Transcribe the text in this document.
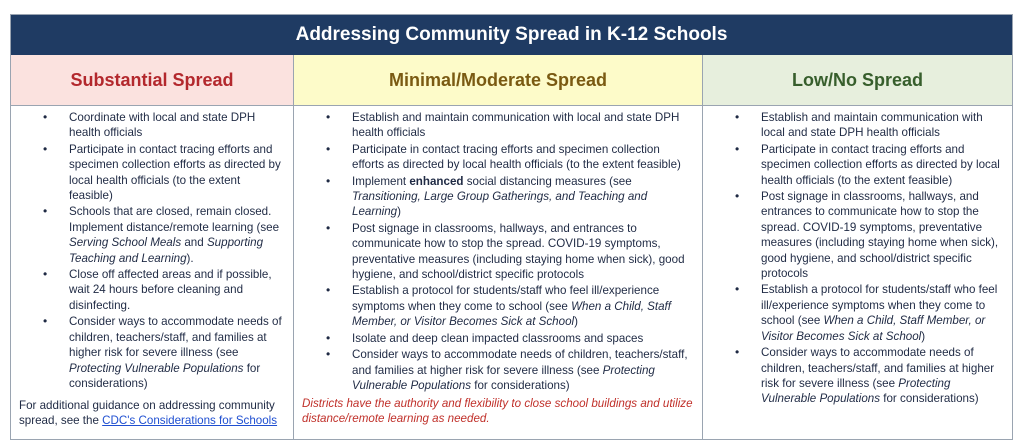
Addressing Community Spread in K-12 Schools
Substantial Spread	Minimal/Moderate Spread	Low/No Spread
• Coordinate with local and state DPH health officials
• Participate in contact tracing efforts and specimen collection efforts as directed by local health officials (to the extent feasible)
• Schools that are closed, remain closed. Implement distance/remote learning (see Serving School Meals and Supporting Teaching and Learning).
• Close off affected areas and if possible, wait 24 hours before cleaning and disinfecting.
• Consider ways to accommodate needs of children, teachers/staff, and families at higher risk for severe illness (see Protecting Vulnerable Populations for considerations)
For additional guidance on addressing community spread, see the CDC's Considerations for Schools
• Establish and maintain communication with local and state DPH health officials
• Participate in contact tracing efforts and specimen collection efforts as directed by local health officials (to the extent feasible)
• Implement enhanced social distancing measures (see Transitioning, Large Group Gatherings, and Teaching and Learning)
• Post signage in classrooms, hallways, and entrances to communicate how to stop the spread. COVID-19 symptoms, preventative measures (including staying home when sick), good hygiene, and school/district specific protocols
• Establish a protocol for students/staff who feel ill/experience symptoms when they come to school (see When a Child, Staff Member, or Visitor Becomes Sick at School)
• Isolate and deep clean impacted classrooms and spaces
• Consider ways to accommodate needs of children, teachers/staff, and families at higher risk for severe illness (see Protecting Vulnerable Populations for considerations)
Districts have the authority and flexibility to close school buildings and utilize distance/remote learning as needed.
• Establish and maintain communication with local and state DPH health officials
• Participate in contact tracing efforts and specimen collection efforts as directed by local health officials (to the extent feasible)
• Post signage in classrooms, hallways, and entrances to communicate how to stop the spread. COVID-19 symptoms, preventative measures (including staying home when sick), good hygiene, and school/district specific protocols
• Establish a protocol for students/staff who feel ill/experience symptoms when they come to school (see When a Child, Staff Member, or Visitor Becomes Sick at School)
• Consider ways to accommodate needs of children, teachers/staff, and families at higher risk for severe illness (see Protecting Vulnerable Populations for considerations)
